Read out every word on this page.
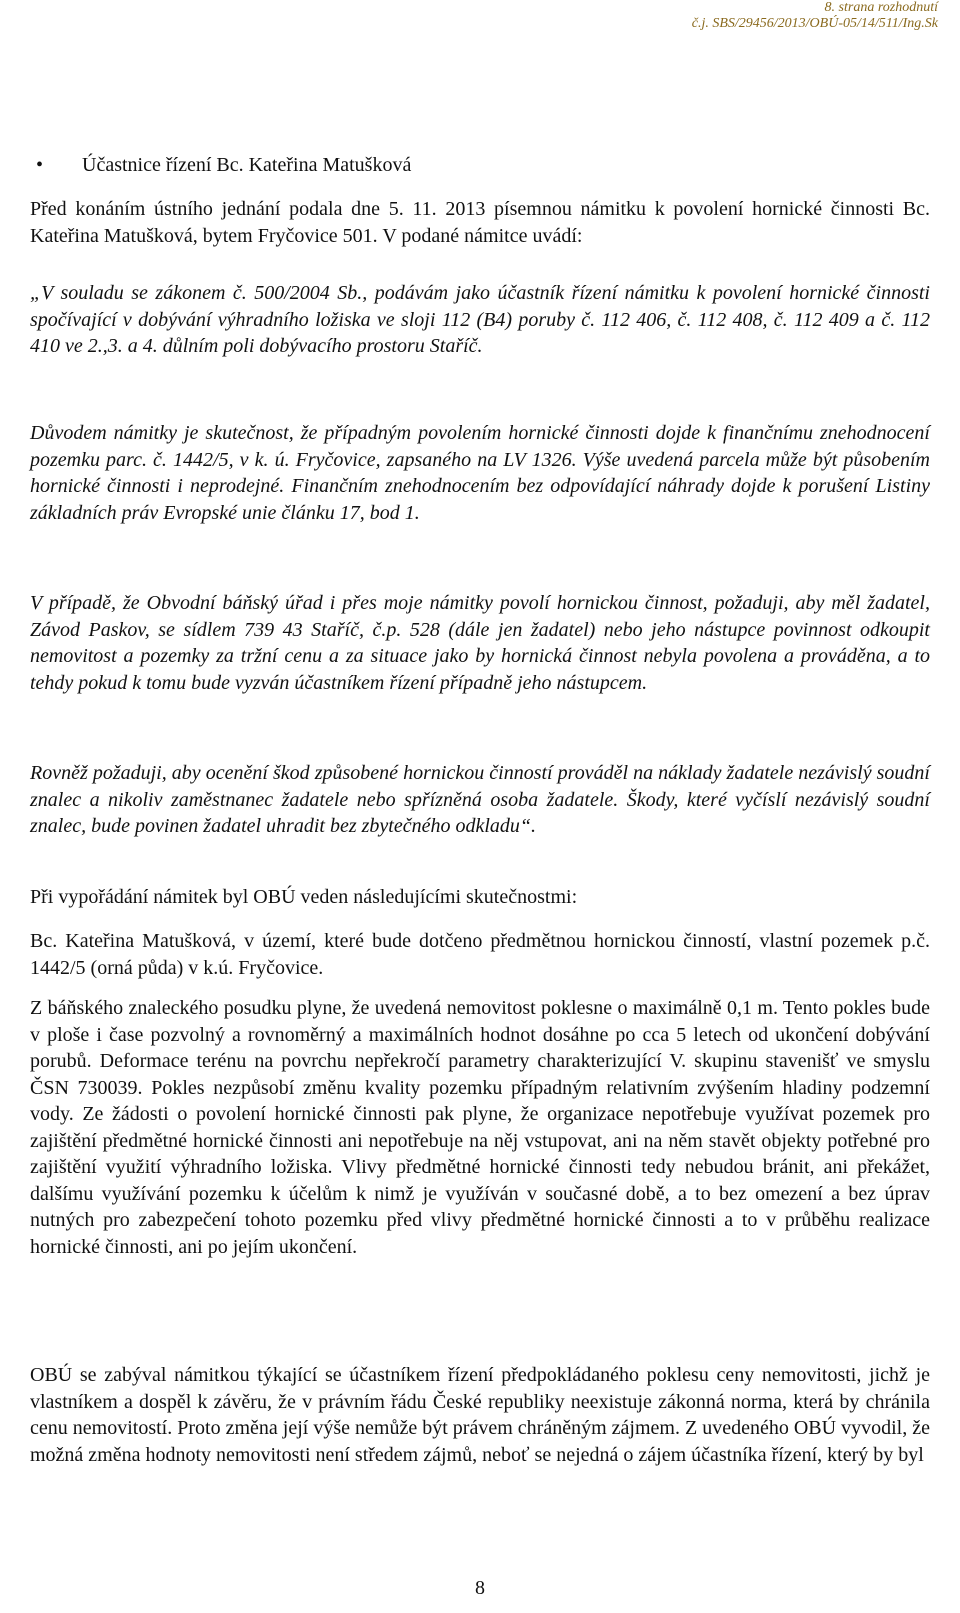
8. strana rozhodnutí
č.j. SBS/29456/2013/OBÚ-05/14/511/Ing.Sk
•	Účastnice řízení Bc. Kateřina Matušková

Před konáním ústního jednání podala dne 5. 11. 2013 písemnou námitku k povolení hornické činnosti Bc. Kateřina Matušková, bytem Fryčovice 501. V podané námitce uvádí:

„V souladu se zákonem č. 500/2004 Sb., podávám jako účastník řízení námitku k povolení hornické činnosti spočívající v dobývání výhradního ložiska ve sloji 112 (B4) poruby č. 112 406, č. 112 408, č. 112 409 a č. 112 410 ve 2.,3. a 4. důlním poli dobývacího prostoru Staříč.

Důvodem námitky je skutečnost, že případným povolením hornické činnosti dojde k finančnímu znehodnocení pozemku parc. č. 1442/5, v k. ú. Fryčovice, zapsaného na LV 1326. Výše uvedená parcela může být působením hornické činnosti i neprodejné. Finančním znehodnocením bez odpovídající náhrady dojde k porušení Listiny základních práv Evropské unie článku 17, bod 1.

V případě, že Obvodní báňský úřad i přes moje námitky povolí hornickou činnost, požaduji, aby měl žadatel, Závod Paskov, se sídlem 739 43 Staříč, č.p. 528 (dále jen žadatel) nebo jeho nástupce povinnost odkoupit nemovitost a pozemky za tržní cenu a za situace jako by hornická činnost nebyla povolena a prováděna, a to tehdy pokud k tomu bude vyzván účastníkem řízení případně jeho nástupcem.

Rovněž požaduji, aby ocenění škod způsobené hornickou činností prováděl na náklady žadatele nezávislý soudní znalec a nikoliv zaměstnanec žadatele nebo spřízněná osoba žadatele. Škody, které vyčíslí nezávislý soudní znalec, bude povinen žadatel uhradit bez zbytečného odkladu“.

Při vypořádání námitek byl OBÚ veden následujícími skutečnostmi:

Bc. Kateřina Matušková, v území, které bude dotčeno předmětnou hornickou činností, vlastní pozemek p.č. 1442/5 (orná půda) v k.ú. Fryčovice.

Z báňského znaleckého posudku plyne, že uvedená nemovitost poklesne o maximálně 0,1 m. Tento pokles bude v ploše i čase pozvolný a rovnoměrný a maximálních hodnot dosáhne po cca 5 letech od ukončení dobývání porubů. Deformace terénu na povrchu nepřekročí parametry charakterizující V. skupinu stavenišť ve smyslu ČSN 730039. Pokles nezpůsobí změnu kvality pozemku případným relativním zvýšením hladiny podzemní vody. Ze žádosti o povolení hornické činnosti pak plyne, že organizace nepotřebuje využívat pozemek pro zajištění předmětné hornické činnosti ani nepotřebuje na něj vstupovat, ani na něm stavět objekty potřebné pro zajištění využití výhradního ložiska. Vlivy předmětné hornické činnosti tedy nebudou bránit, ani překážet, dalšímu využívání pozemku k účelům k nimž je využíván v současné době, a to bez omezení a bez úprav nutných pro zabezpečení tohoto pozemku před vlivy předmětné hornické činnosti a to v průběhu realizace hornické činnosti, ani po jejím ukončení.

OBÚ se zabýval námitkou týkající se účastníkem řízení předpokládaného poklesu ceny nemovitosti, jichž je vlastníkem a dospěl k závěru, že v právním řádu České republiky neexistuje zákonná norma, která by chránila cenu nemovitostí. Proto změna její výše nemůže být právem chráněným zájmem. Z uvedeného OBÚ vyvodil, že možná změna hodnoty nemovitosti není středem zájmů, neboť se nejedná o zájem účastníka řízení, který by byl

8
